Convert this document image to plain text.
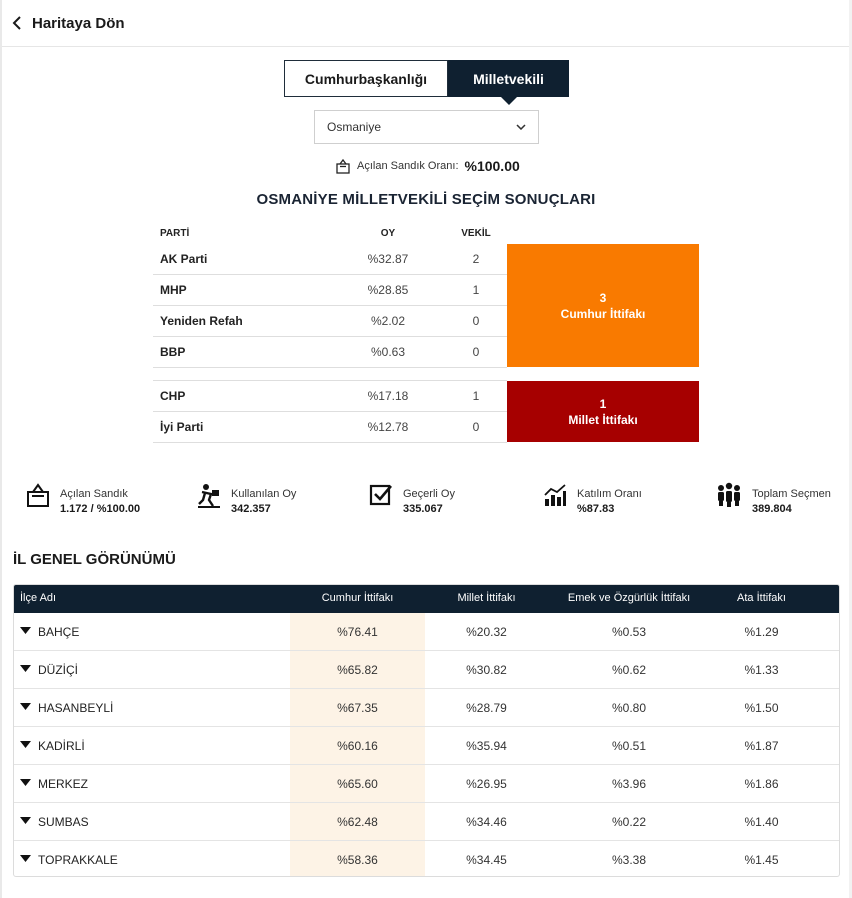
Haritaya Dön
Cumhurbaşkanlığı	Milletvekili
Osmaniye
Açılan Sandık Oranı: %100.00
OSMANİYE MİLLETVEKİLİ SEÇİM SONUÇLARI
PARTİ	OY	VEKİL
AK Parti	%32.87	2
MHP	%28.85	1
Yeniden Refah	%2.02	0
BBP	%0.63	0
3
Cumhur İttifakı
CHP	%17.18	1
İyi Parti	%12.78	0
1
Millet İttifakı
Açılan Sandık
1.172 / %100.00
Kullanılan Oy
342.357
Geçerli Oy
335.067
Katılım Oranı
%87.83
Toplam Seçmen
389.804
İL GENEL GÖRÜNÜMÜ
İlçe Adı	Cumhur İttifakı	Millet İttifakı	Emek ve Özgürlük İttifakı	Ata İttifakı
BAHÇE	%76.41	%20.32	%0.53	%1.29
DÜZİÇİ	%65.82	%30.82	%0.62	%1.33
HASANBEYLİ	%67.35	%28.79	%0.80	%1.50
KADİRLİ	%60.16	%35.94	%0.51	%1.87
MERKEZ	%65.60	%26.95	%3.96	%1.86
SUMBAS	%62.48	%34.46	%0.22	%1.40
TOPRAKKALE	%58.36	%34.45	%3.38	%1.45
